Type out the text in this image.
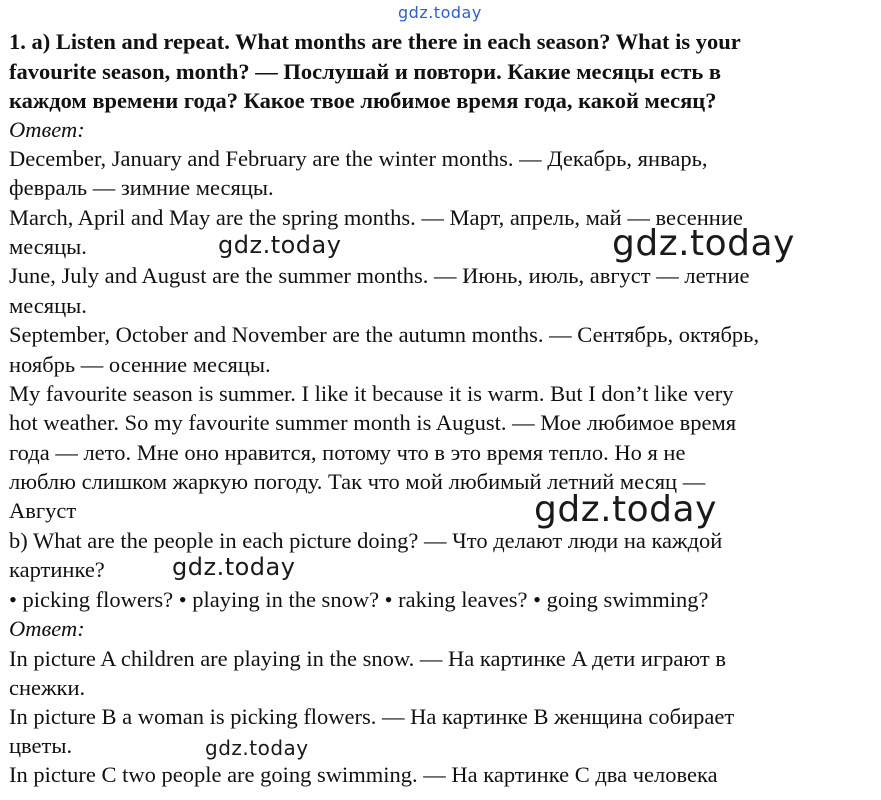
gdz.today
1. a) Listen and repeat. What months are there in each season? What is your
favourite season, month? — Послушай и повтори. Какие месяцы есть в
каждом времени года? Какое твое любимое время года, какой месяц?
Ответ:
December, January and February are the winter months. — Декабрь, январь,
февраль — зимние месяцы.
March, April and May are the spring months. — Март, апрель, май — весенние
месяцы.
June, July and August are the summer months. — Июнь, июль, август — летние
месяцы.
September, October and November are the autumn months. — Сентябрь, октябрь,
ноябрь — осенние месяцы.
My favourite season is summer. I like it because it is warm. But I don’t like very
hot weather. So my favourite summer month is August. — Мое любимое время
года — лето. Мне оно нравится, потому что в это время тепло. Но я не
люблю слишком жаркую погоду. Так что мой любимый летний месяц —
Август
b) What are the people in each picture doing? — Что делают люди на каждой
картинке?
• picking flowers? • playing in the snow? • raking leaves? • going swimming?
Ответ:
In picture A children are playing in the snow. — На картинке A дети играют в
снежки.
In picture B a woman is picking flowers. — На картинке B женщина собирает
цветы.
In picture C two people are going swimming. — На картинке C два человека
gdz.today	gdz.today
gdz.today
gdz.today
gdz.today
